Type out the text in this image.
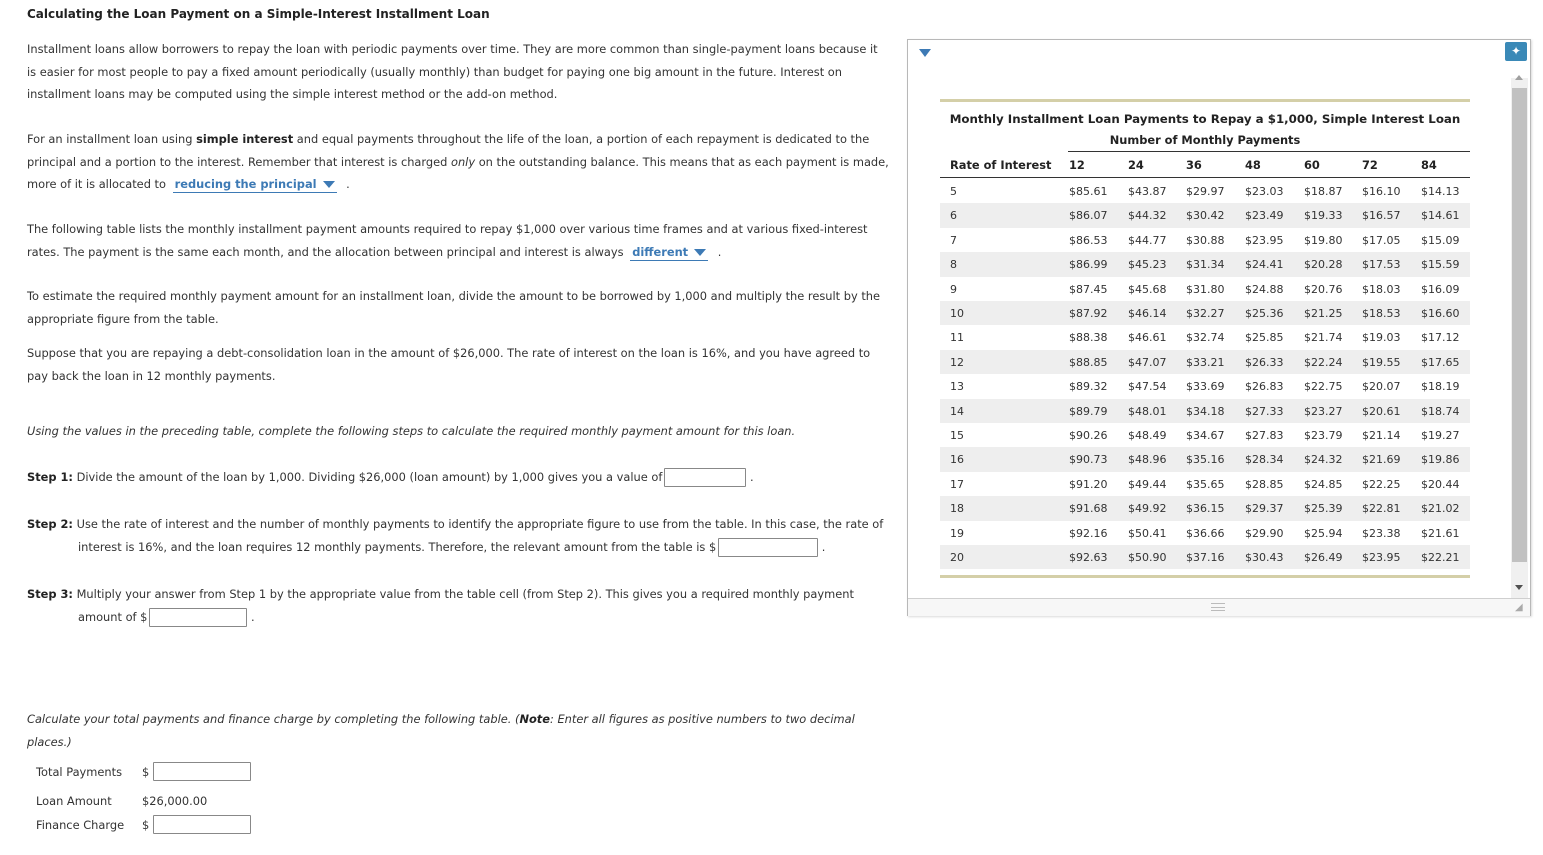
Calculating the Loan Payment on a Simple-Interest Installment Loan
Installment loans allow borrowers to repay the loan with periodic payments over time. They are more common than single-payment loans because it
is easier for most people to pay a fixed amount periodically (usually monthly) than budget for paying one big amount in the future. Interest on
installment loans may be computed using the simple interest method or the add-on method.
For an installment loan using simple interest and equal payments throughout the life of the loan, a portion of each repayment is dedicated to the
principal and a portion to the interest. Remember that interest is charged only on the outstanding balance. This means that as each payment is made,
more of it is allocated to reducing the principal	.
The following table lists the monthly installment payment amounts required to repay $1,000 over various time frames and at various fixed-interest
rates. The payment is the same each month, and the allocation between principal and interest is always different	.
To estimate the required monthly payment amount for an installment loan, divide the amount to be borrowed by 1,000 and multiply the result by the
appropriate figure from the table.
Suppose that you are repaying a debt-consolidation loan in the amount of $26,000. The rate of interest on the loan is 16%, and you have agreed to
pay back the loan in 12 monthly payments.
Using the values in the preceding table, complete the following steps to calculate the required monthly payment amount for this loan.
Step 1: Divide the amount of the loan by 1,000. Dividing $26,000 (loan amount) by 1,000 gives you a value of	.
Step 2: Use the rate of interest and the number of monthly payments to identify the appropriate figure to use from the table. In this case, the rate of
interest is 16%, and the loan requires 12 monthly payments. Therefore, the relevant amount from the table is $	.
Step 3: Multiply your answer from Step 1 by the appropriate value from the table cell (from Step 2). This gives you a required monthly payment
amount of $	.
Calculate your total payments and finance charge by completing the following table. (Note: Enter all figures as positive numbers to two decimal
places.)
Total Payments $
Loan Amount	$26,000.00
Finance Charge $
✦
Monthly Installment Loan Payments to Repay a $1,000, Simple Interest Loan
Number of Monthly Payments
Rate of Interest 12	24	36	48	60	72	84
5	$85.61 $43.87 $29.97 $23.03 $18.87 $16.10 $14.13
6	$86.07 $44.32 $30.42 $23.49 $19.33 $16.57 $14.61
7	$86.53 $44.77 $30.88 $23.95 $19.80 $17.05 $15.09
8	$86.99 $45.23 $31.34 $24.41 $20.28 $17.53 $15.59
9	$87.45 $45.68 $31.80 $24.88 $20.76 $18.03 $16.09
10	$87.92 $46.14 $32.27 $25.36 $21.25 $18.53 $16.60
11	$88.38 $46.61 $32.74 $25.85 $21.74 $19.03 $17.12
12	$88.85 $47.07 $33.21 $26.33 $22.24 $19.55 $17.65
13	$89.32 $47.54 $33.69 $26.83 $22.75 $20.07 $18.19
14	$89.79 $48.01 $34.18 $27.33 $23.27 $20.61 $18.74
15	$90.26 $48.49 $34.67 $27.83 $23.79 $21.14 $19.27
16	$90.73 $48.96 $35.16 $28.34 $24.32 $21.69 $19.86
17	$91.20 $49.44 $35.65 $28.85 $24.85 $22.25 $20.44
18	$91.68 $49.92 $36.15 $29.37 $25.39 $22.81 $21.02
19	$92.16 $50.41 $36.66 $29.90 $25.94 $23.38 $21.61
20	$92.63 $50.90 $37.16 $30.43 $26.49 $23.95 $22.21
◢
